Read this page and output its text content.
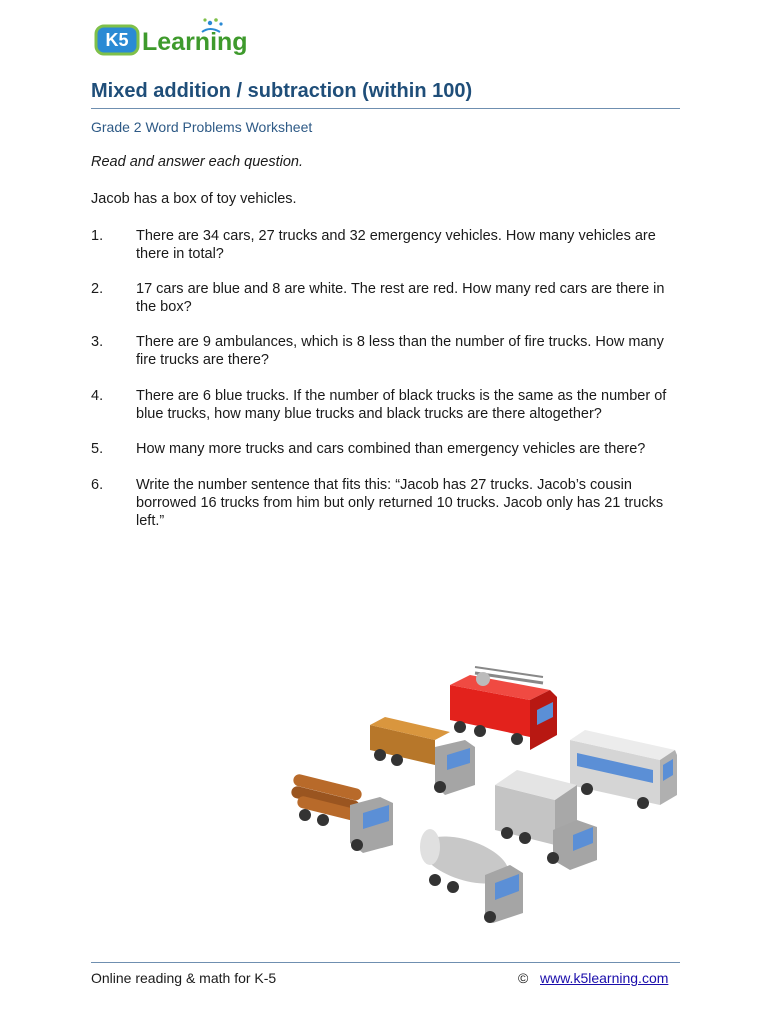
K5 Learning
Mixed addition / subtraction (within 100)
Grade 2 Word Problems Worksheet
Read and answer each question.
Jacob has a box of toy vehicles.
1. There are 34 cars, 27 trucks and 32 emergency vehicles. How many vehicles are there in total?
2. 17 cars are blue and 8 are white. The rest are red. How many red cars are there in the box?
3. There are 9 ambulances, which is 8 less than the number of fire trucks. How many fire trucks are there?
4. There are 6 blue trucks. If the number of black trucks is the same as the number of blue trucks, how many blue trucks and black trucks are there altogether?
5. How many more trucks and cars combined than emergency vehicles are there?
6. Write the number sentence that fits this: “Jacob has 27 trucks. Jacob’s cousin borrowed 16 trucks from him but only returned 10 trucks. Jacob only has 21 trucks left.”
Online reading & math for K-5	© www.k5learning.com
